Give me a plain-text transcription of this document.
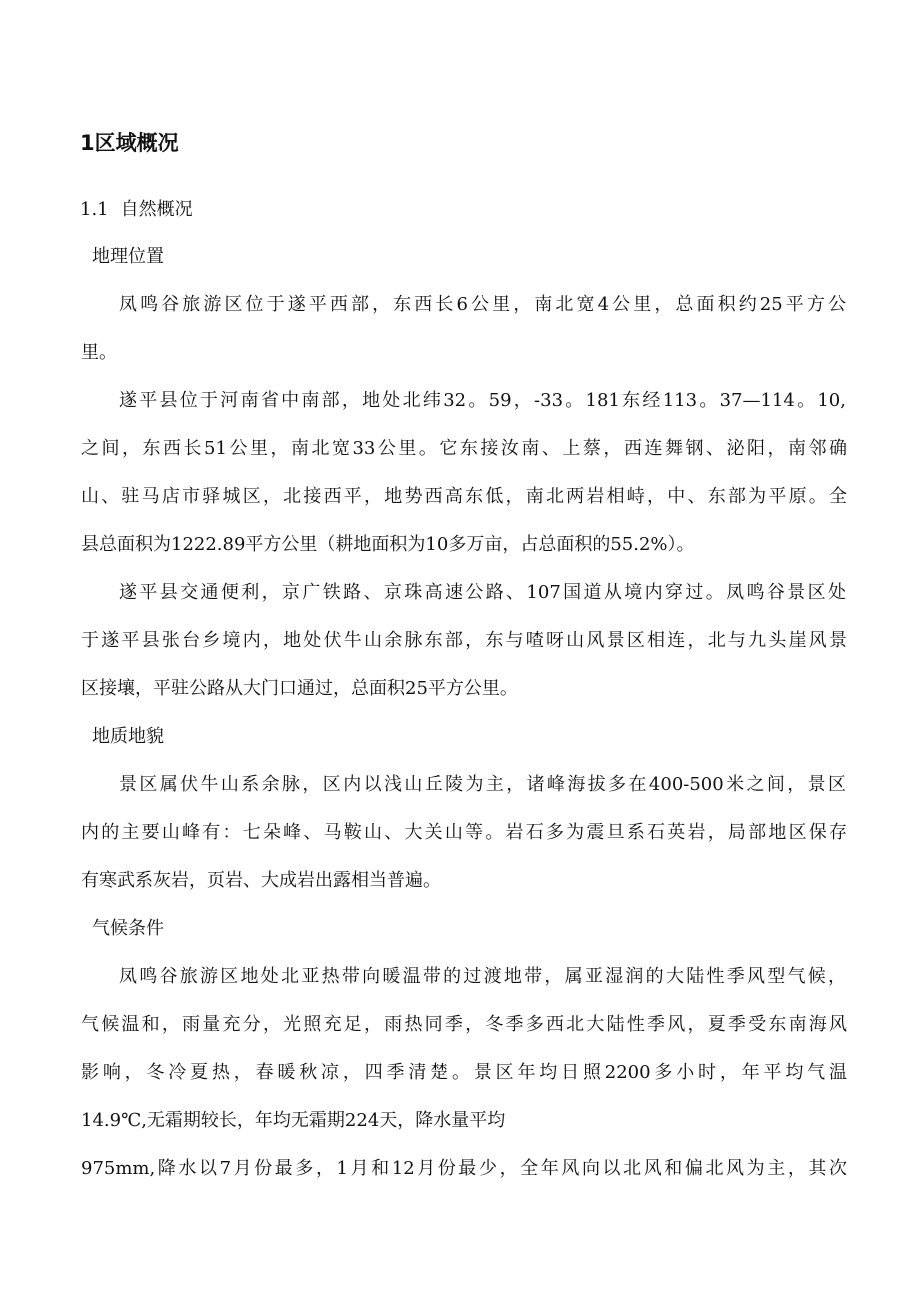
1区域概况
1.1 自然概况
地理位置
凤鸣谷旅游区位于遂平西部，东西长6公里，南北宽4公里，总面积约25平方公
里。
遂平县位于河南省中南部，地处北纬32。59，-33。181东经113。37—114。10,
之间，东西长51公里，南北宽33公里。它东接汝南、上蔡，西连舞钢、泌阳，南邻确
山、驻马店市驿城区，北接西平，地势西高东低，南北两岩相峙，中、东部为平原。全
县总面积为1222.89平方公里（耕地面积为10多万亩，占总面积的55.2%）。
遂平县交通便利，京广铁路、京珠高速公路、107国道从境内穿过。凤鸣谷景区处
于遂平县张台乡境内，地处伏牛山余脉东部，东与喳呀山风景区相连，北与九头崖风景
区接壤，平驻公路从大门口通过，总面积25平方公里。
地质地貌
景区属伏牛山系余脉，区内以浅山丘陵为主，诸峰海拔多在400-500米之间，景区
内的主要山峰有：七朵峰、马鞍山、大关山等。岩石多为震旦系石英岩，局部地区保存
有寒武系灰岩，页岩、大成岩出露相当普遍。
气候条件
凤鸣谷旅游区地处北亚热带向暖温带的过渡地带，属亚湿润的大陆性季风型气候，
气候温和，雨量充分，光照充足，雨热同季，冬季多西北大陆性季风，夏季受东南海风
影响，冬冷夏热，春暖秋凉，四季清楚。景区年均日照2200多小时，年平均气温
14.9℃,无霜期较长，年均无霜期224天，降水量平均
975mm,降水以7月份最多，1月和12月份最少，全年风向以北风和偏北风为主，其次
